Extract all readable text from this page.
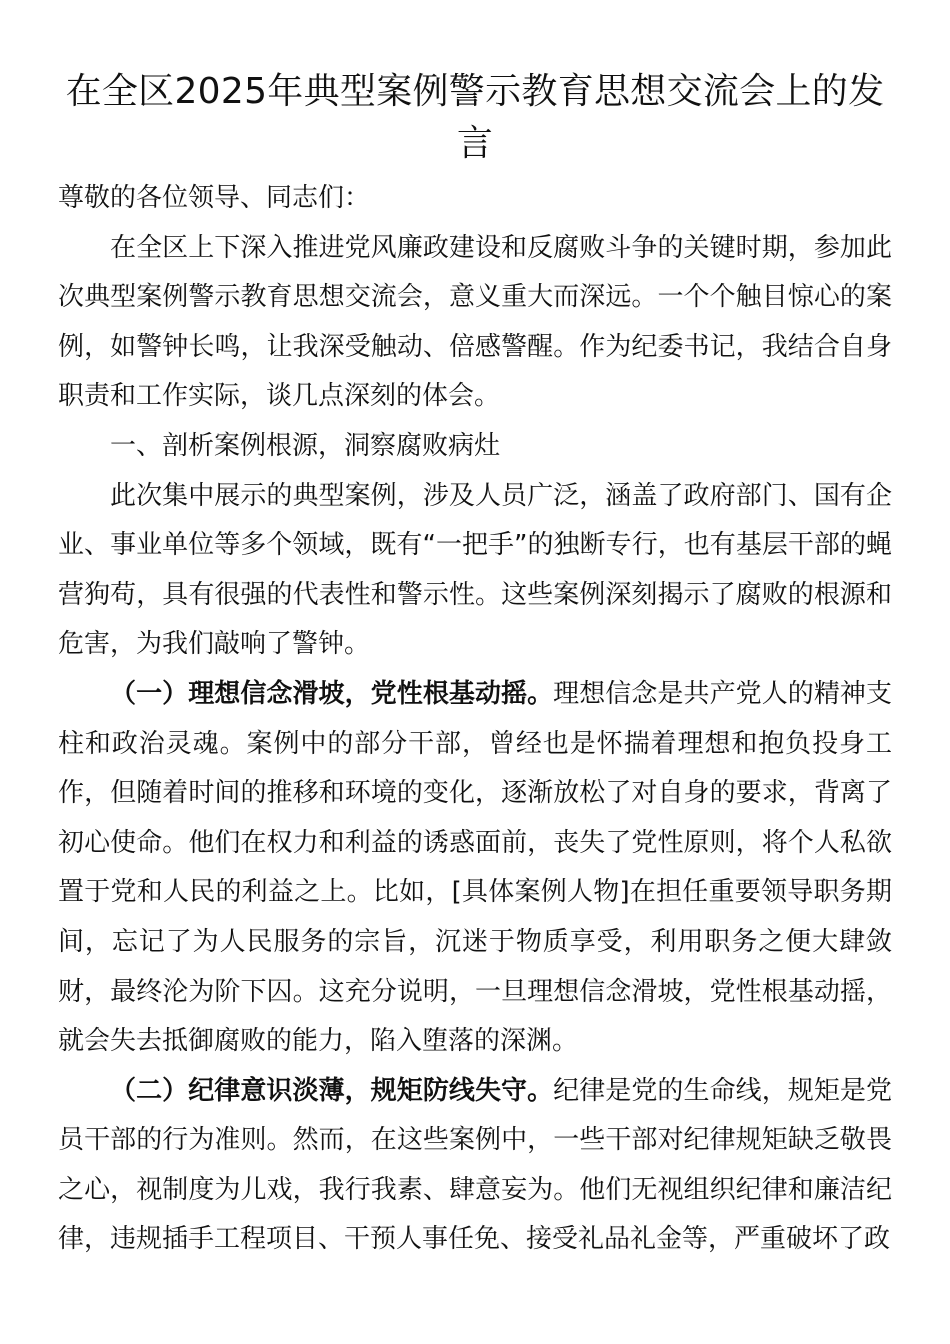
在全区2025年典型案例警示教育思想交流会上的发言

尊敬的各位领导、同志们：

在全区上下深入推进党风廉政建设和反腐败斗争的关键时期，参加此次典型案例警示教育思想交流会，意义重大而深远。一个个触目惊心的案例，如警钟长鸣，让我深受触动、倍感警醒。作为纪委书记，我结合自身职责和工作实际，谈几点深刻的体会。

一、剖析案例根源，洞察腐败病灶

此次集中展示的典型案例，涉及人员广泛，涵盖了政府部门、国有企业、事业单位等多个领域，既有“一把手”的独断专行，也有基层干部的蝇营狗苟，具有很强的代表性和警示性。这些案例深刻揭示了腐败的根源和危害，为我们敲响了警钟。

（一）理想信念滑坡，党性根基动摇。理想信念是共产党人的精神支柱和政治灵魂。案例中的部分干部，曾经也是怀揣着理想和抱负投身工作，但随着时间的推移和环境的变化，逐渐放松了对自身的要求，背离了初心使命。他们在权力和利益的诱惑面前，丧失了党性原则，将个人私欲置于党和人民的利益之上。比如，[具体案例人物]在担任重要领导职务期间，忘记了为人民服务的宗旨，沉迷于物质享受，利用职务之便大肆敛财，最终沦为阶下囚。这充分说明，一旦理想信念滑坡，党性根基动摇，就会失去抵御腐败的能力，陷入堕落的深渊。

（二）纪律意识淡薄，规矩防线失守。纪律是党的生命线，规矩是党员干部的行为准则。然而，在这些案例中，一些干部对纪律规矩缺乏敬畏之心，视制度为儿戏，我行我素、肆意妄为。他们无视组织纪律和廉洁纪律，违规插手工程项目、干预人事任免、接受礼品礼金等，严重破坏了政
